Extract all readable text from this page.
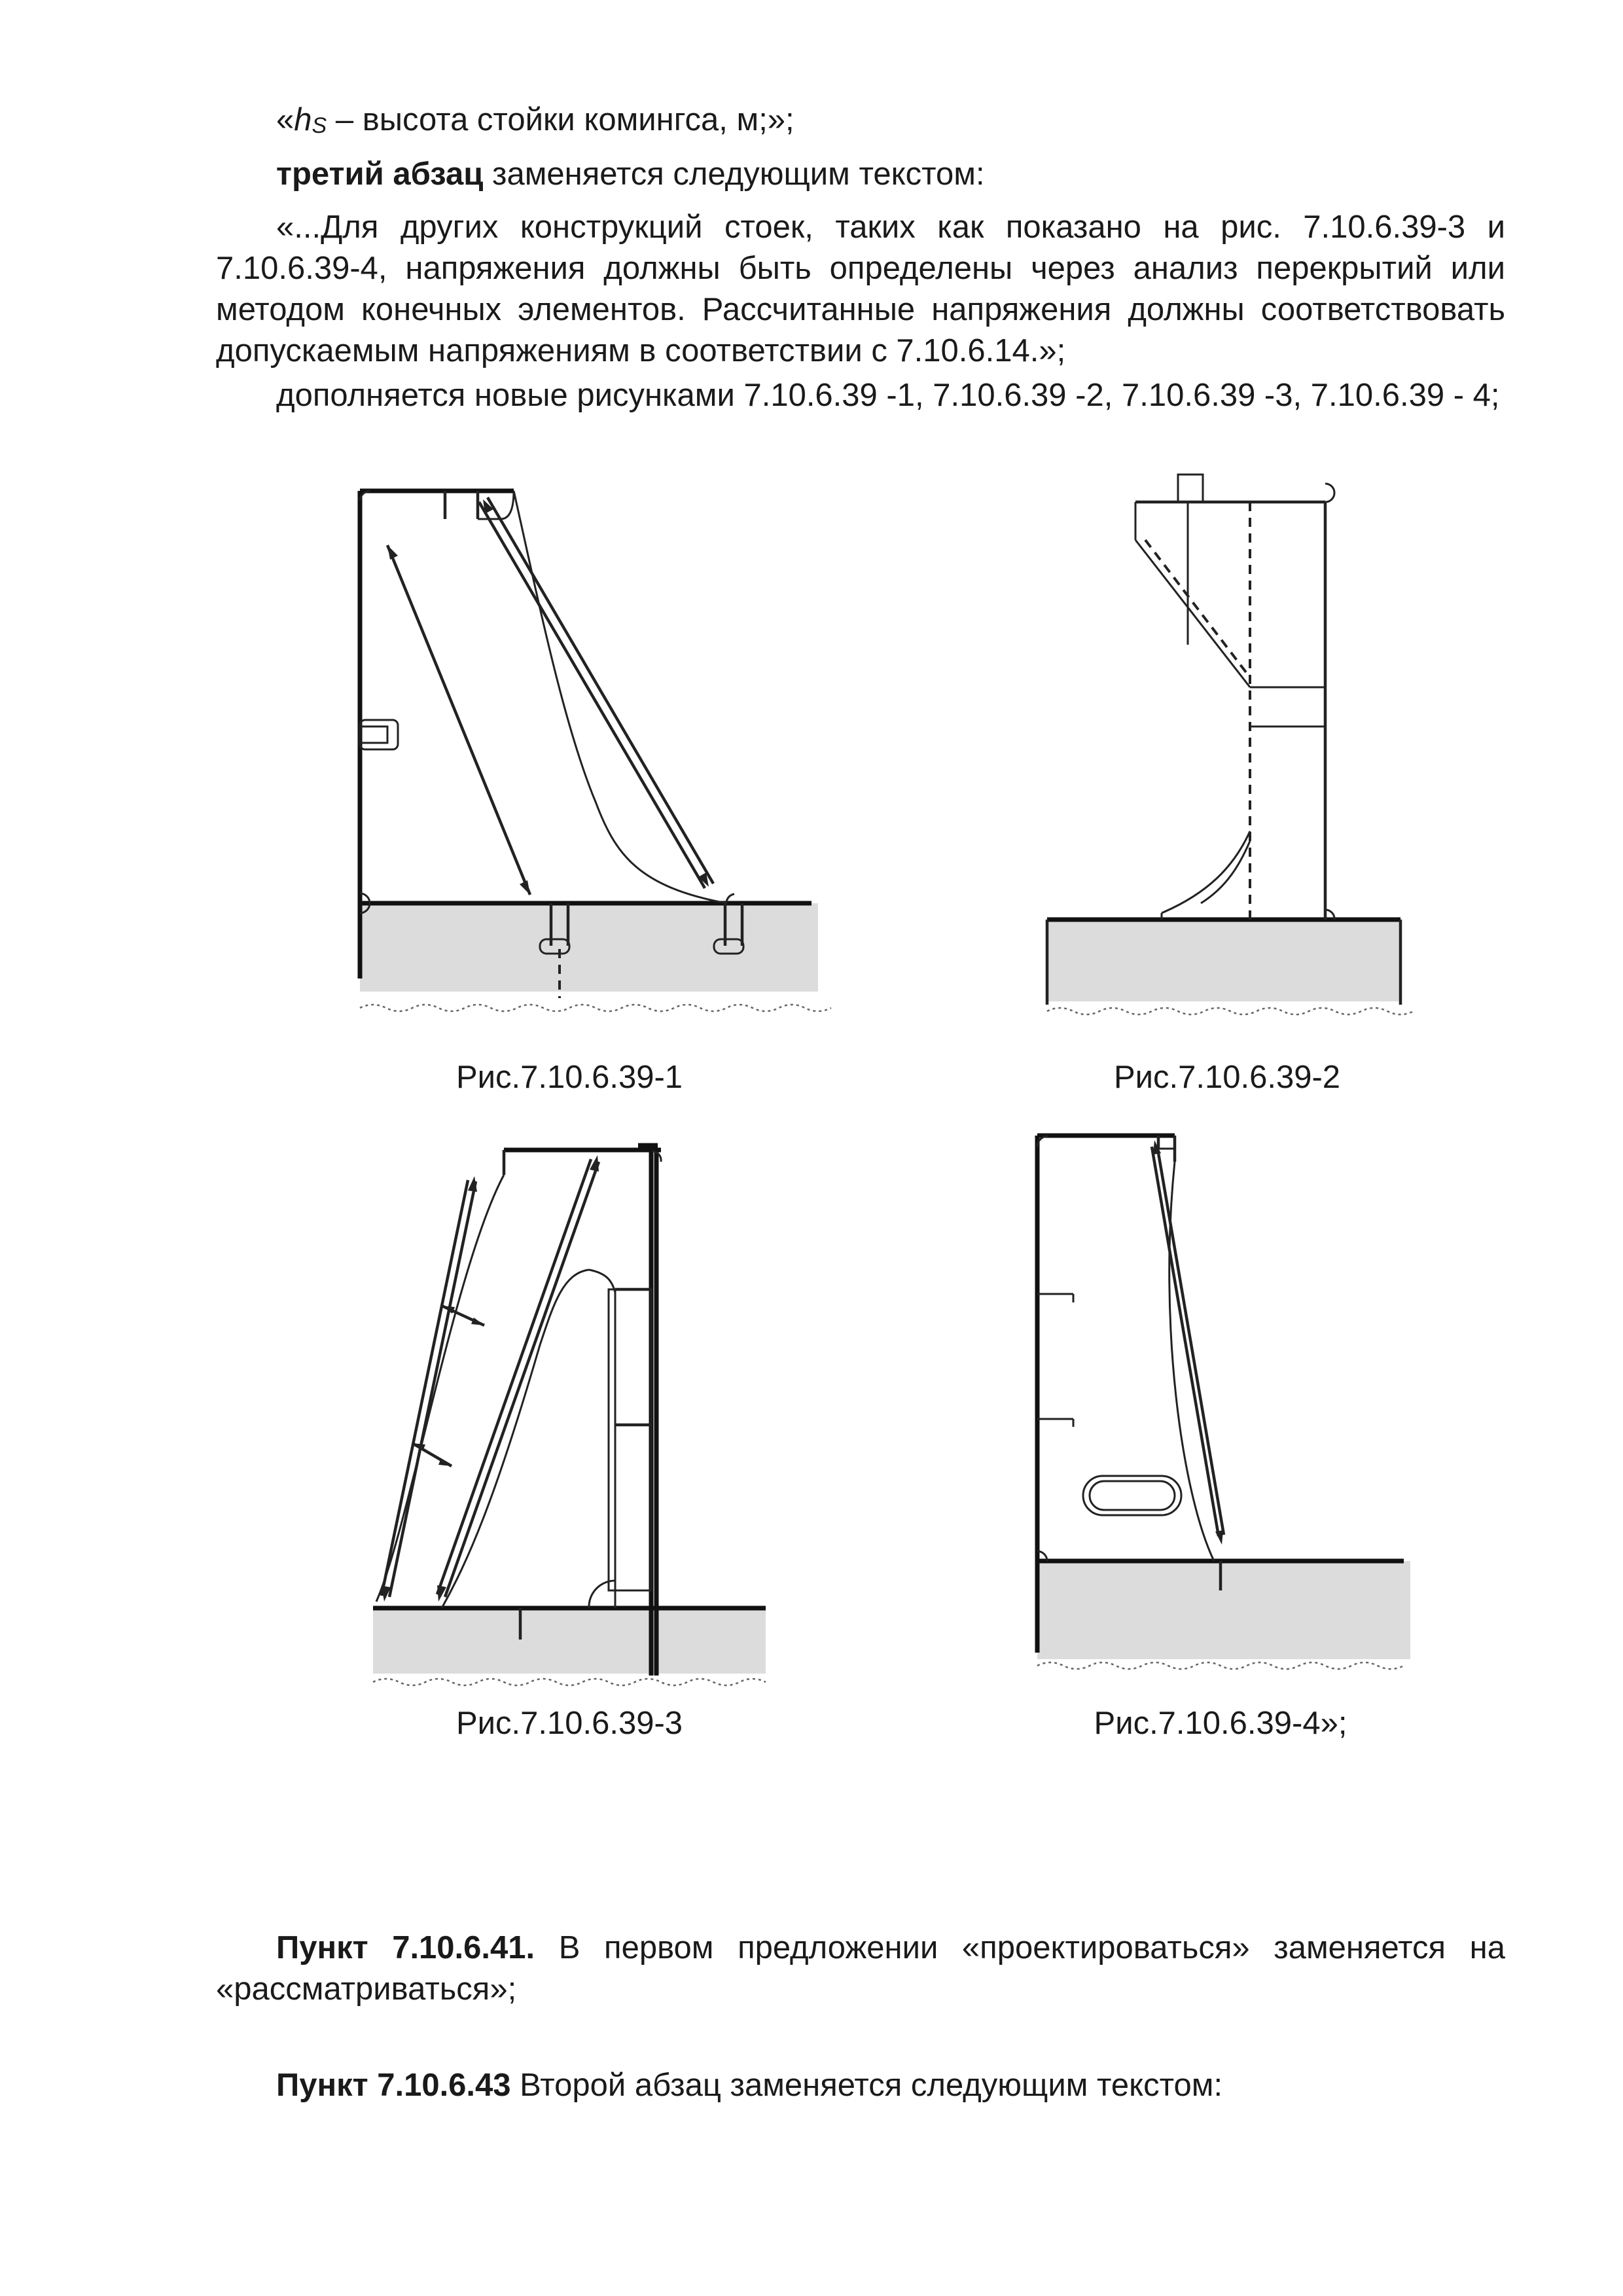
«$h_S$ – высота стойки комингса, м;»;

третий абзац заменяется следующим текстом:

«...Для других конструкций стоек, таких как показано на рис. 7.10.6.39-3 и 7.10.6.39-4, напряжения должны быть определены через анализ перекрытий или методом конечных элементов. Рассчитанные напряжения должны соответствовать допускаемым напряжениям в соответствии с 7.10.6.14.»;

дополняется новые рисунками 7.10.6.39 -1, 7.10.6.39 -2, 7.10.6.39 -3, 7.10.6.39 - 4;

Рис.7.10.6.39-1	Рис.7.10.6.39-2
Рис.7.10.6.39-3	Рис.7.10.6.39-4»;

Пункт 7.10.6.41. В первом предложении «проектироваться» заменяется на «рассматриваться»;

Пункт 7.10.6.43 Второй абзац заменяется следующим текстом:
